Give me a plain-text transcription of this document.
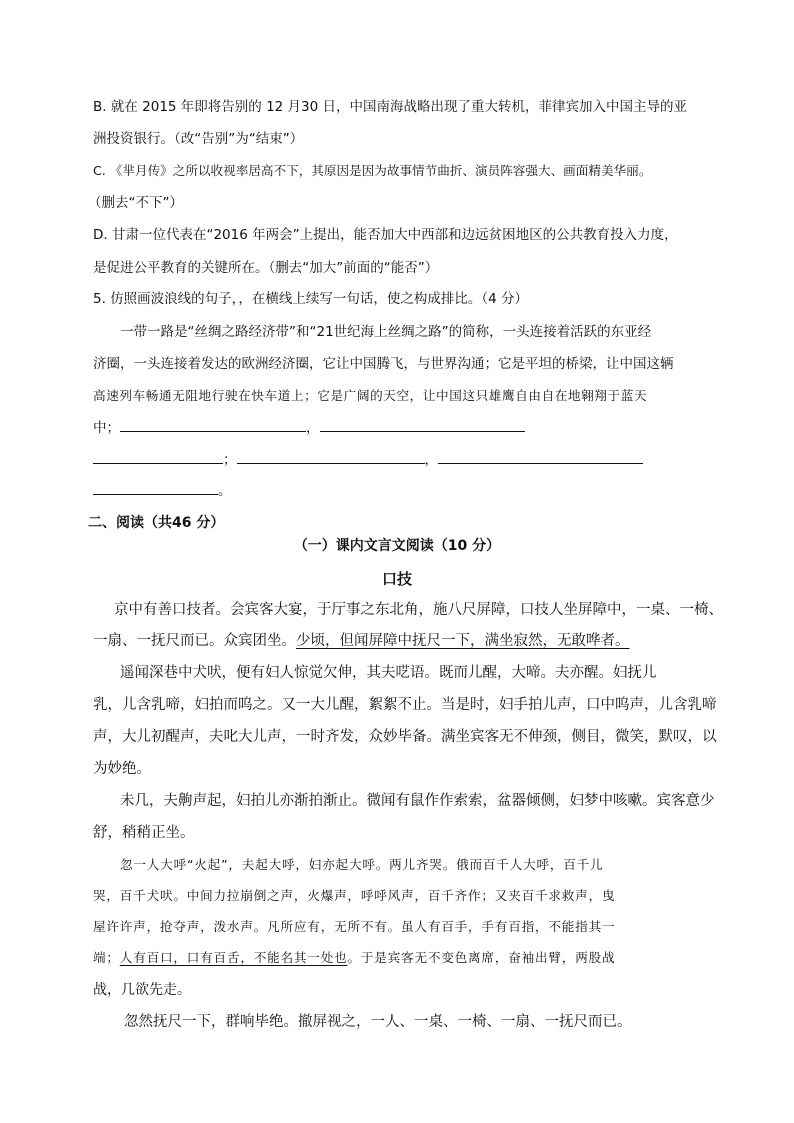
B. 就在 2015 年即将告别的 12 月30 日，中国南海战略出现了重大转机，菲律宾加入中国主导的亚
洲投资银行。（改“告别”为“结束”）
C. 《芈月传》之所以收视率居高不下，其原因是因为故事情节曲折、演员阵容强大、画面精美华丽。
（删去“不下”）
D. 甘肃一位代表在“2016 年两会”上提出，能否加大中西部和边远贫困地区的公共教育投入力度，
是促进公平教育的关键所在。（删去“加大”前面的“能否”）
5. 仿照画波浪线的句子，，在横线上续写一句话，使之构成排比。（4 分）
一带一路是“丝绸之路经济带”和“21世纪海上丝绸之路”的简称，一头连接着活跃的东亚经
济圈，一头连接着发达的欧洲经济圈，它让中国腾飞，与世界沟通；它是平坦的桥梁，让中国这辆
高速列车畅通无阻地行驶在快车道上；它是广阔的天空，让中国这只雄鹰自由自在地翱翔于蓝天
中；	，
；	，
。
二、阅读（共46 分）
（一）课内文言文阅读（10 分）
口技
京中有善口技者。会宾客大宴，于厅事之东北角，施八尺屏障，口技人坐屏障中，一桌、一椅、
一扇、一抚尺而已。众宾团坐。少顷，但闻屏障中抚尺一下，满坐寂然，无敢哗者。
遥闻深巷中犬吠，便有妇人惊觉欠伸，其夫呓语。既而儿醒，大啼。夫亦醒。妇抚儿
乳，儿含乳啼，妇拍而呜之。又一大儿醒，絮絮不止。当是时，妇手拍儿声，口中呜声，儿含乳啼
声，大儿初醒声，夫叱大儿声，一时齐发，众妙毕备。满坐宾客无不伸颈，侧目，微笑，默叹，以
为妙绝。
未几，夫齁声起，妇拍儿亦渐拍渐止。微闻有鼠作作索索，盆器倾侧，妇梦中咳嗽。宾客意少
舒，稍稍正坐。
忽一人大呼“火起”，夫起大呼，妇亦起大呼。两儿齐哭。俄而百千人大呼，百千儿
哭，百千犬吠。中间力拉崩倒之声，火爆声，呼呼风声，百千齐作；又夹百千求救声，曳
屋许许声，抢夺声，泼水声。凡所应有，无所不有。虽人有百手，手有百指，不能指其一
端；人有百口，口有百舌，不能名其一处也。于是宾客无不变色离席，奋袖出臂，两股战
战，几欲先走。
忽然抚尺一下，群响毕绝。撤屏视之，一人、一桌、一椅、一扇、一抚尺而已。
